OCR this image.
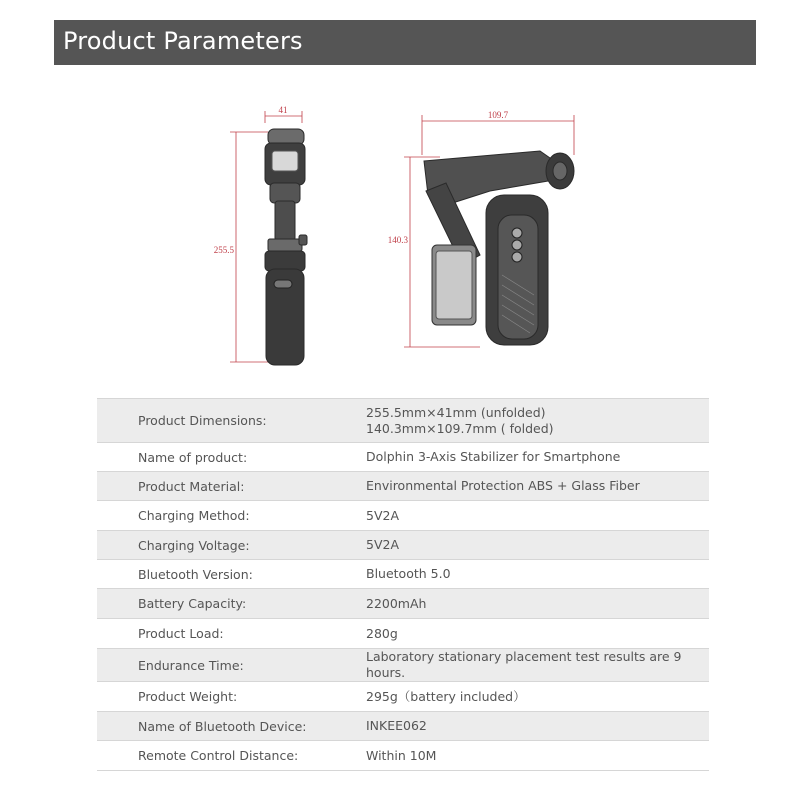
Product Parameters
41
255.5
109.7
140.3
Product Dimensions:	255.5mm×41mm (unfolded)
140.3mm×109.7mm ( folded)

Name of product:	Dolphin 3-Axis Stabilizer for Smartphone

Product Material:	Environmental Protection ABS + Glass Fiber

Charging Method:	5V2A

Charging Voltage:	5V2A

Bluetooth Version:	Bluetooth 5.0

Battery Capacity:	2200mAh

Product Load:	280g

Endurance Time:	Laboratory stationary placement test results are 9 hours.

Product Weight:	295g（battery included）

Name of Bluetooth Device:	INKEE062

Remote Control Distance:	Within 10M
